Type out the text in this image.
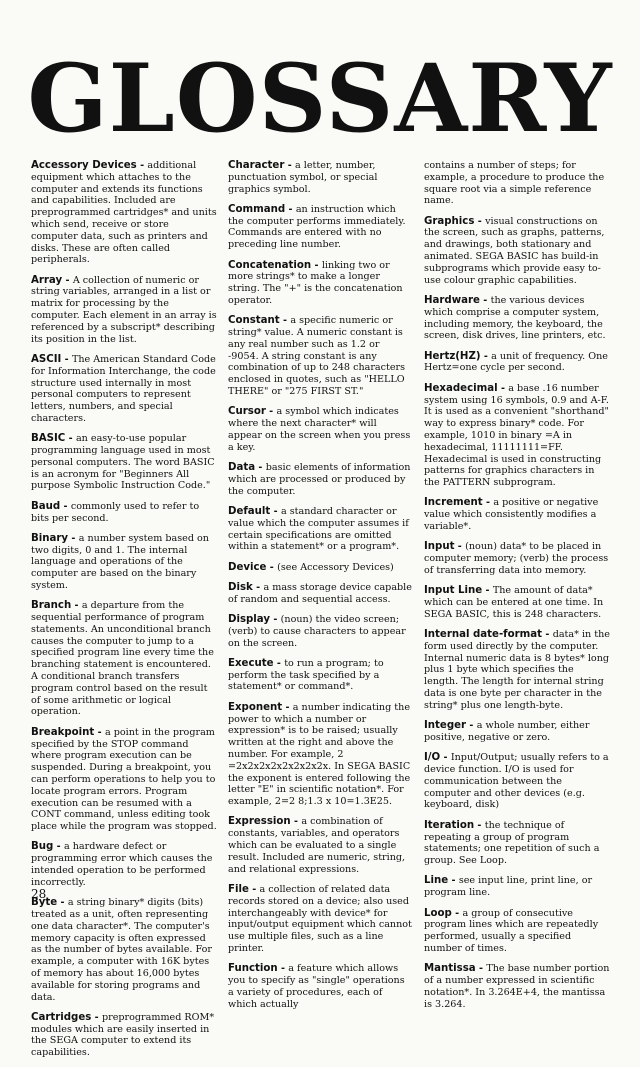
GLOSSARY

Accessory Devices - additional equipment which attaches to the computer and extends its functions and capabilities. Included are preprogrammed cartridges* and units which send, receive or store computer data, such as printers and disks. These are often called peripherals.

Array - A collection of numeric or string variables, arranged in a list or matrix for processing by the computer. Each element in an array is referenced by a subscript* describing its position in the list.

ASCII - The American Standard Code for Information Interchange, the code structure used internally in most personal computers to represent letters, numbers, and special characters.

BASIC - an easy-to-use popular programming language used in most personal computers. The word BASIC is an acronym for "Beginners All purpose Symbolic Instruction Code."

Baud - commonly used to refer to bits per second.

Binary - a number system based on two digits, 0 and 1. The internal language and operations of the computer are based on the binary system.

Branch - a departure from the sequential performance of program statements. An unconditional branch causes the computer to jump to a specified program line every time the branching statement is encountered. A conditional branch transfers program control based on the result of some arithmetic or logical operation.

Breakpoint - a point in the program specified by the STOP command where program execution can be suspended. During a breakpoint, you can perform operations to help you to locate program errors. Program execution can be resumed with a CONT command, unless editing took place while the program was stopped.

Bug - a hardware defect or programming error which causes the intended operation to be performed incorrectly.

Byte - a string binary* digits (bits) treated as a unit, often representing one data character*. The computer's memory capacity is often expressed as the number of bytes available. For example, a computer with 16K bytes of memory has about 16,000 bytes available for storing programs and data.

Cartridges - preprogrammed ROM* modules which are easily inserted in the SEGA computer to extend its capabilities.

Character - a letter, number, punctuation symbol, or special graphics symbol.

Command - an instruction which the computer performs immediately. Commands are entered with no preceding line number.

Concatenation - linking two or more strings* to make a longer string. The "+" is the concatenation operator.

Constant - a specific numeric or string* value. A numeric constant is any real number such as 1.2 or -9054. A string constant is any combination of up to 248 characters enclosed in quotes, such as "HELLO THERE" or "275 FIRST ST."

Cursor - a symbol which indicates where the next character* will appear on the screen when you press a key.

Data - basic elements of information which are processed or produced by the computer.

Default - a standard character or value which the computer assumes if certain specifications are omitted within a statement* or a program*.

Device - (see Accessory Devices)

Disk - a mass storage device capable of random and sequential access.

Display - (noun) the video screen; (verb) to cause characters to appear on the screen.

Execute - to run a program; to perform the task specified by a statement* or command*.

Exponent - a number indicating the power to which a number or expression* is to be raised; usually written at the right and above the number. For example, 2 =2x2x2x2x2x2x2x2x. In SEGA BASIC the exponent is entered following the letter "E" in scientific notation*. For example, 2=2 8;1.3 x 10=1.3E25.

Expression - a combination of constants, variables, and operators which can be evaluated to a single result. Included are numeric, string, and relational expressions.

File - a collection of related data records stored on a device; also used interchangeably with device* for input/output equipment which cannot use multiple files, such as a line printer.

Function - a feature which allows you to specify as "single" operations a variety of procedures, each of which actually

contains a number of steps; for example, a procedure to produce the square root via a simple reference name.

Graphics - visual constructions on the screen, such as graphs, patterns, and drawings, both stationary and animated. SEGA BASIC has build-in subprograms which provide easy to-use colour graphic capabilities.

Hardware - the various devices which comprise a computer system, including memory, the keyboard, the screen, disk drives, line printers, etc.

Hertz(HZ) - a unit of frequency. One Hertz=one cycle per second.

Hexadecimal - a base .16 number system using 16 symbols, 0.9 and A-F. It is used as a convenient "shorthand" way to express binary* code. For example, 1010 in binary =A in hexadecimal, 11111111=FF. Hexadecimal is used in constructing patterns for graphics characters in the PATTERN subprogram.

Increment - a positive or negative value which consistently modifies a variable*.

Input - (noun) data* to be placed in computer memory; (verb) the process of transferring data into memory.

Input Line - The amount of data* which can be entered at one time. In SEGA BASIC, this is 248 characters.

Internal date-format - data* in the form used directly by the computer. Internal numeric data is 8 bytes* long plus 1 byte which specifies the length. The length for internal string data is one byte per character in the string* plus one length-byte.

Integer - a whole number, either positive, negative or zero.

I/O - Input/Output; usually refers to a device function. I/O is used for communication between the computer and other devices (e.g. keyboard, disk)

Iteration - the technique of repeating a group of program statements; one repetition of such a group. See Loop.

Line - see input line, print line, or program line.

Loop - a group of consecutive program lines which are repeatedly performed, usually a specified number of times.

Mantissa - The base number portion of a number expressed in scientific notation*. In 3.264E+4, the mantissa is 3.264.

28
